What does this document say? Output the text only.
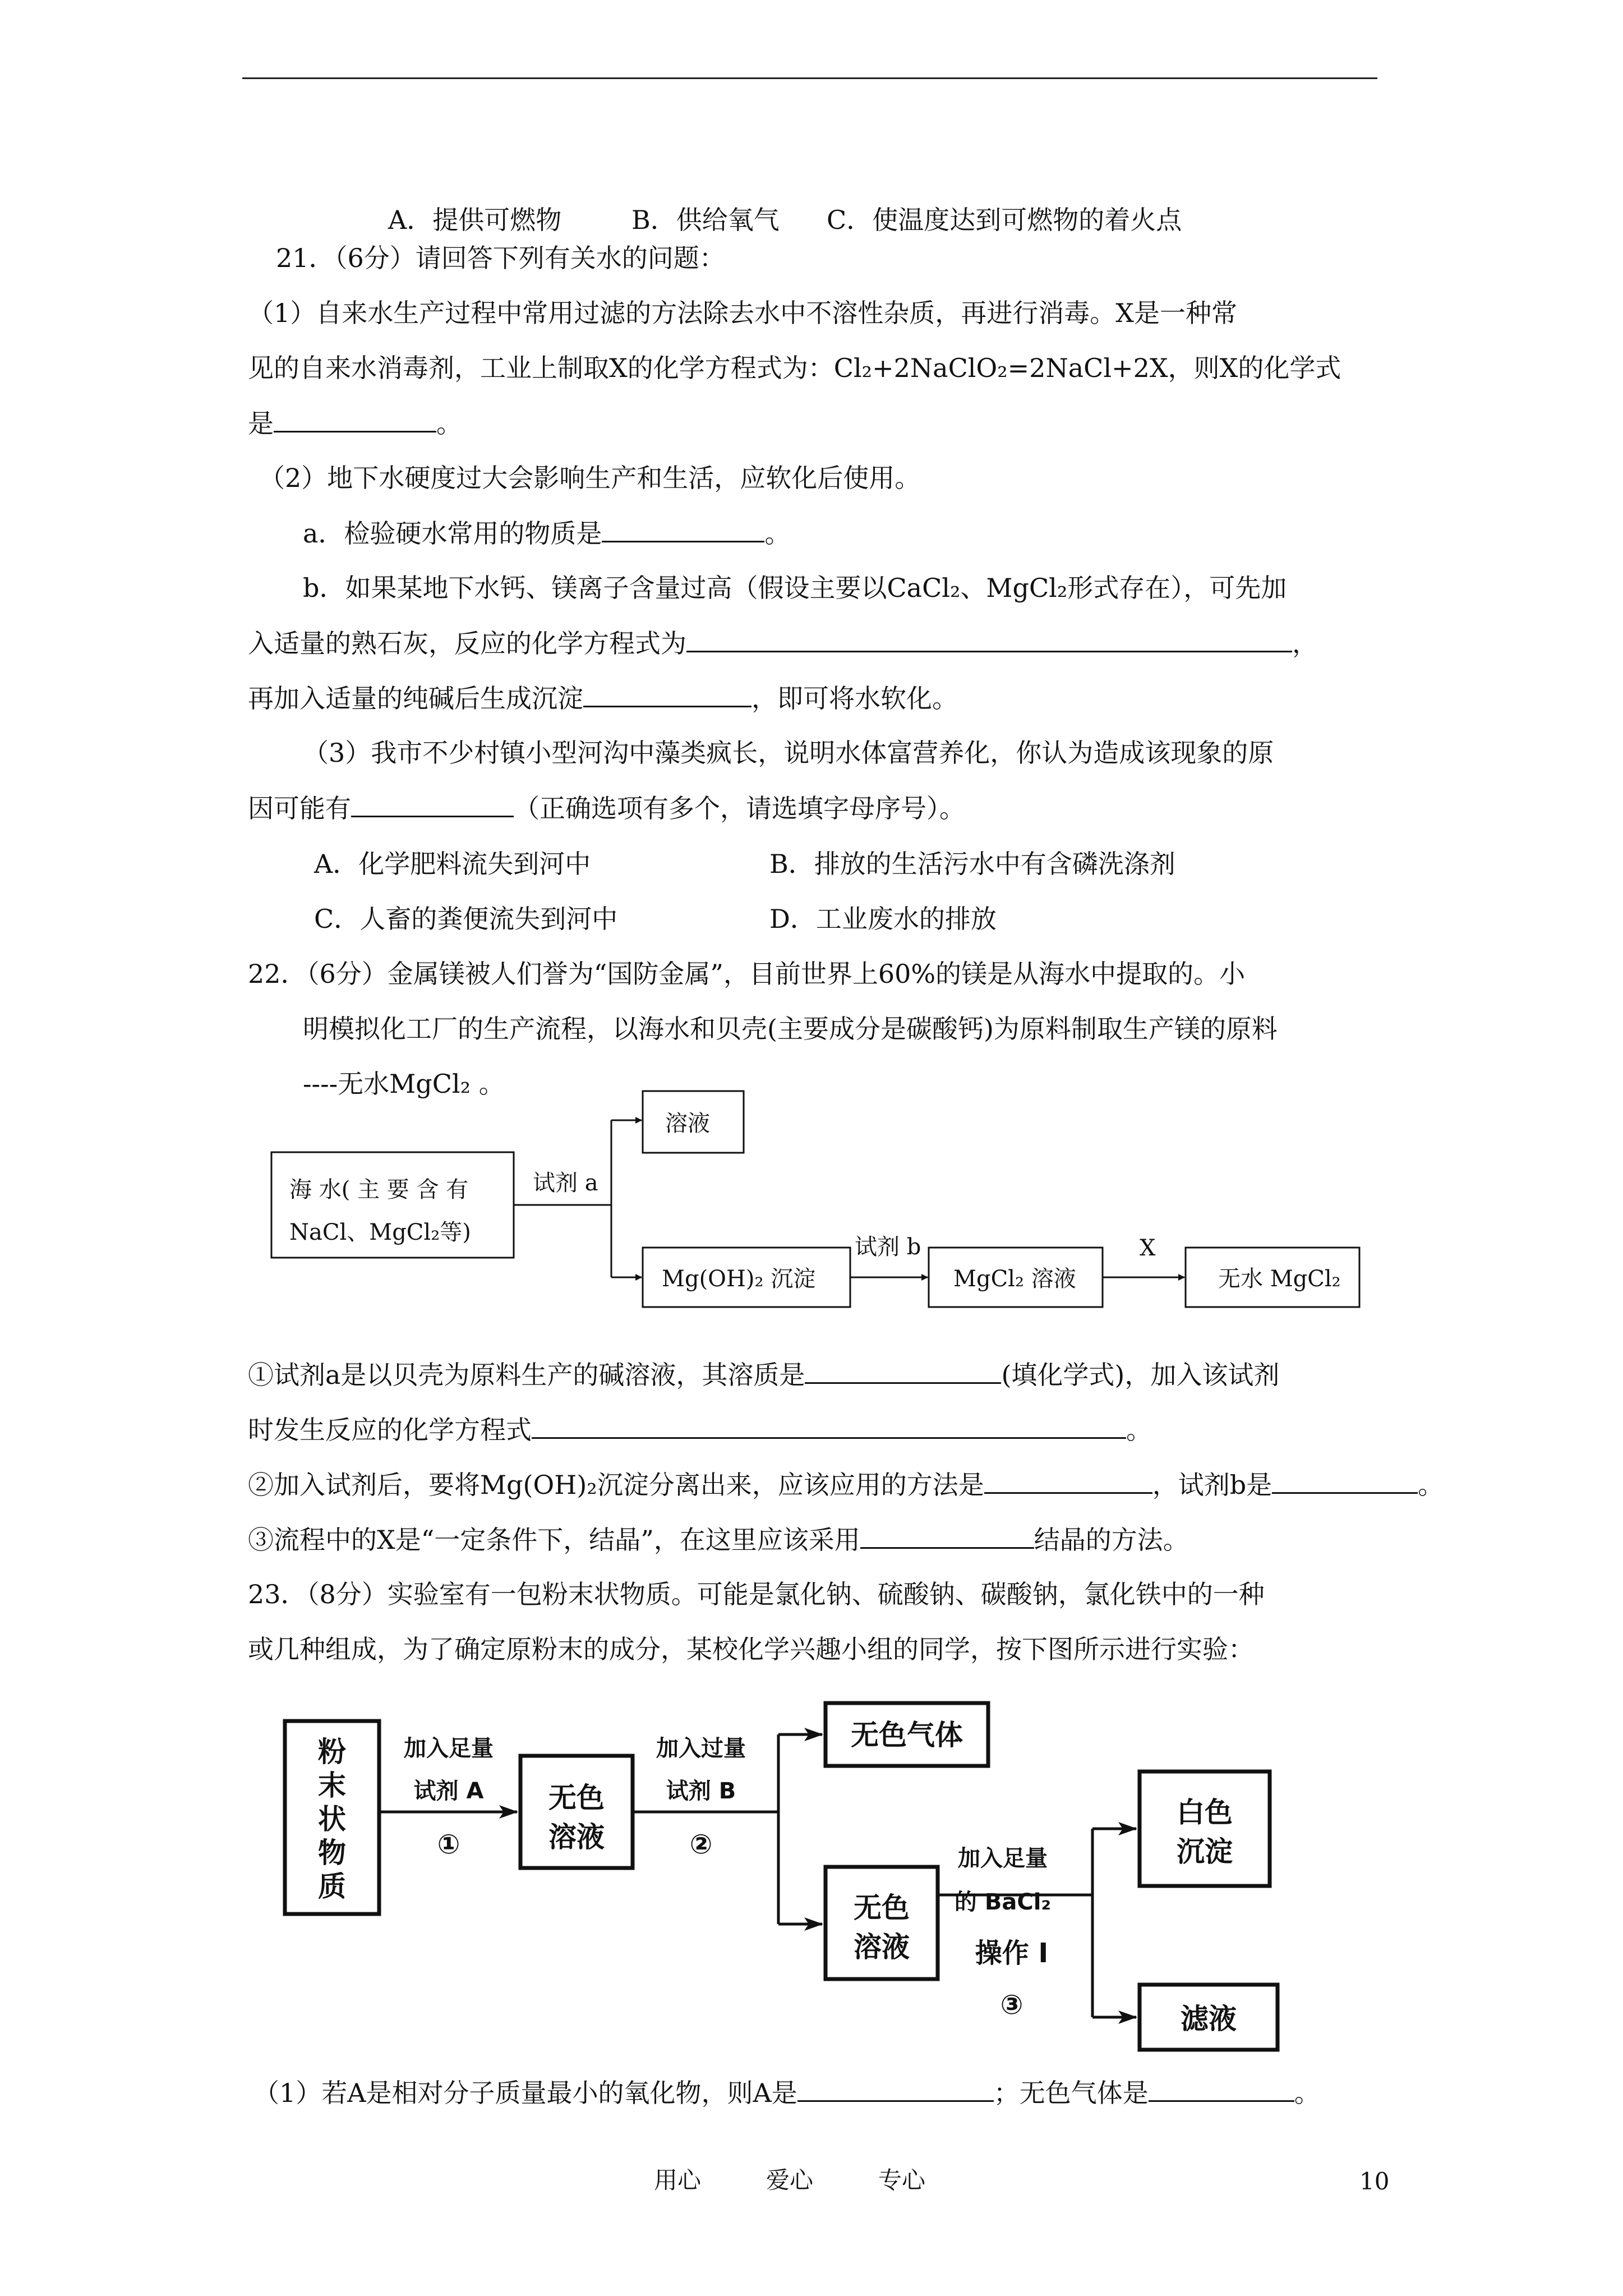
A．提供可燃物	B．供给氧气 C．使温度达到可燃物的着火点
21．（6分）请回答下列有关水的问题：
（1）自来水生产过程中常用过滤的方法除去水中不溶性杂质，再进行消毒。X是一种常
见的自来水消毒剂，工业上制取X的化学方程式为：Cl₂+2NaClO₂=2NaCl+2X，则X的化学式
是	。
（2）地下水硬度过大会影响生产和生活，应软化后使用。
a．检验硬水常用的物质是	。
b．如果某地下水钙、镁离子含量过高（假设主要以CaCl₂、MgCl₂形式存在），可先加
入适量的熟石灰，反应的化学方程式为	，
再加入适量的纯碱后生成沉淀	，即可将水软化。
（3）我市不少村镇小型河沟中藻类疯长，说明水体富营养化，你认为造成该现象的原
因可能有	（正确选项有多个，请选填字母序号）。
A．化学肥料流失到河中	B．排放的生活污水中有含磷洗涤剂
C．人畜的粪便流失到河中	D．工业废水的排放
22．（6分）金属镁被人们誉为“国防金属”，目前世界上60%的镁是从海水中提取的。小
明模拟化工厂的生产流程，以海水和贝壳(主要成分是碳酸钙)为原料制取生产镁的原料
----无水MgCl₂ 。
海 水( 主 要 含 有
NaCl、MgCl₂等)
试剂 a
溶液
Mg(OH)₂ 沉淀
试剂 b
MgCl₂ 溶液
X
无水 MgCl₂
粉
末
状
物
质
无色
溶液
无色气体
无色
溶液
白色
沉淀
滤液
加入足量
试剂 A
①
加入过量
试剂 B
②	加入足量
的 BaCl₂
操作 I
③
①试剂a是以贝壳为原料生产的碱溶液，其溶质是	(填化学式)，加入该试剂
时发生反应的化学方程式	。
②加入试剂后，要将Mg(OH)₂沉淀分离出来，应该应用的方法是	，试剂b是	。
③流程中的X是“一定条件下，结晶”，在这里应该采用	结晶的方法。
23．（8分）实验室有一包粉末状物质。可能是氯化钠、硫酸钠、碳酸钠，氯化铁中的一种
或几种组成，为了确定原粉末的成分，某校化学兴趣小组的同学，按下图所示进行实验：
（1）若A是相对分子质量最小的氧化物，则A是	；无色气体是	。
用心	爱心	专心	10
